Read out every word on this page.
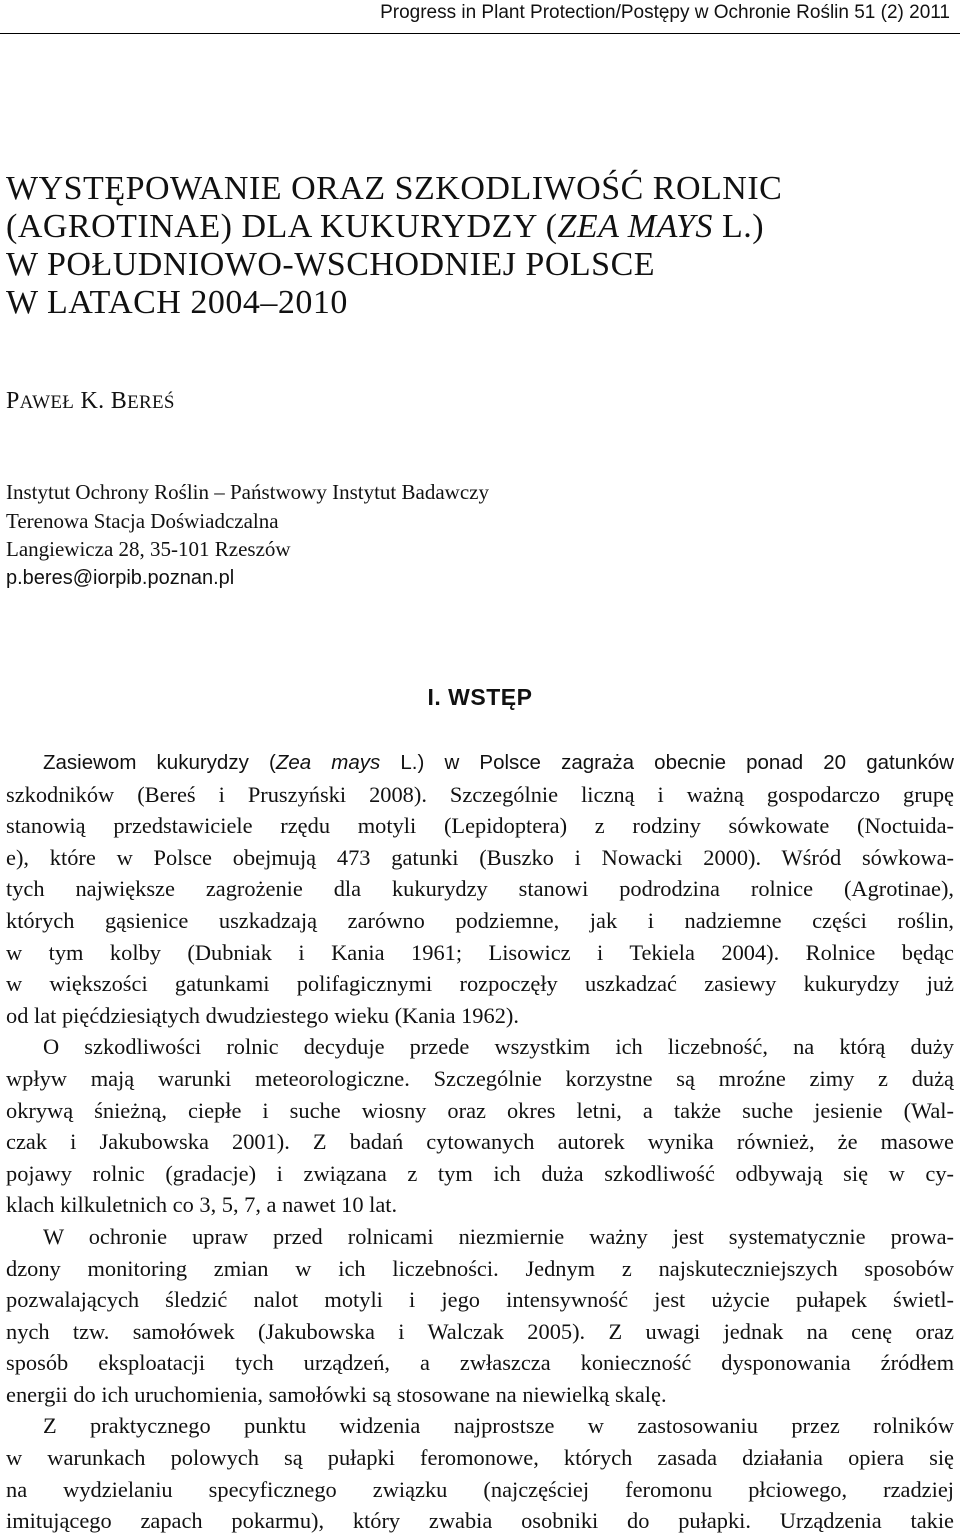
Progress in Plant Protection/Postępy w Ochronie Roślin 51 (2) 2011
WYSTĘPOWANIE ORAZ SZKODLIWOŚĆ ROLNIC
(AGROTINAE) DLA KUKURYDZY (ZEA MAYS L.)
W POŁUDNIOWO-WSCHODNIEJ POLSCE
W LATACH 2004–2010

PAWEŁ K. BEREŚ

Instytut Ochrony Roślin – Państwowy Instytut Badawczy
Terenowa Stacja Doświadczalna
Langiewicza 28, 35-101 Rzeszów
p.beres@iorpib.poznan.pl
I. WSTĘP
Zasiewom kukurydzy (Zea mays L.) w Polsce zagraża obecnie ponad 20 gatunków
szkodników (Bereś i Pruszyński 2008). Szczególnie liczną i ważną gospodarczo grupę
stanowią przedstawiciele rzędu motyli (Lepidoptera) z rodziny sówkowate (Noctuida-
e), które w Polsce obejmują 473 gatunki (Buszko i Nowacki 2000). Wśród sówkowa-
tych największe zagrożenie dla kukurydzy stanowi podrodzina rolnice (Agrotinae),
których gąsienice uszkadzają zarówno podziemne, jak i nadziemne części roślin,
w tym kolby (Dubniak i Kania 1961; Lisowicz i Tekiela 2004). Rolnice będąc
w większości gatunkami polifagicznymi rozpoczęły uszkadzać zasiewy kukurydzy już
od lat pięćdziesiątych dwudziestego wieku (Kania 1962).
O szkodliwości rolnic decyduje przede wszystkim ich liczebność, na którą duży
wpływ mają warunki meteorologiczne. Szczególnie korzystne są mroźne zimy z dużą
okrywą śnieżną, ciepłe i suche wiosny oraz okres letni, a także suche jesienie (Wal-
czak i Jakubowska 2001). Z badań cytowanych autorek wynika również, że masowe
pojawy rolnic (gradacje) i związana z tym ich duża szkodliwość odbywają się w cy-
klach kilkuletnich co 3, 5, 7, a nawet 10 lat.
W ochronie upraw przed rolnicami niezmiernie ważny jest systematycznie prowa-
dzony monitoring zmian w ich liczebności. Jednym z najskuteczniejszych sposobów
pozwalających śledzić nalot motyli i jego intensywność jest użycie pułapek świetl-
nych tzw. samołówek (Jakubowska i Walczak 2005). Z uwagi jednak na cenę oraz
sposób eksploatacji tych urządzeń, a zwłaszcza konieczność dysponowania źródłem
energii do ich uruchomienia, samołówki są stosowane na niewielką skalę.
Z praktycznego punktu widzenia najprostsze w zastosowaniu przez rolników
w warunkach polowych są pułapki feromonowe, których zasada działania opiera się
na wydzielaniu specyficznego związku (najczęściej feromonu płciowego, rzadziej
imitującego zapach pokarmu), który zwabia osobniki do pułapki. Urządzenia takie
